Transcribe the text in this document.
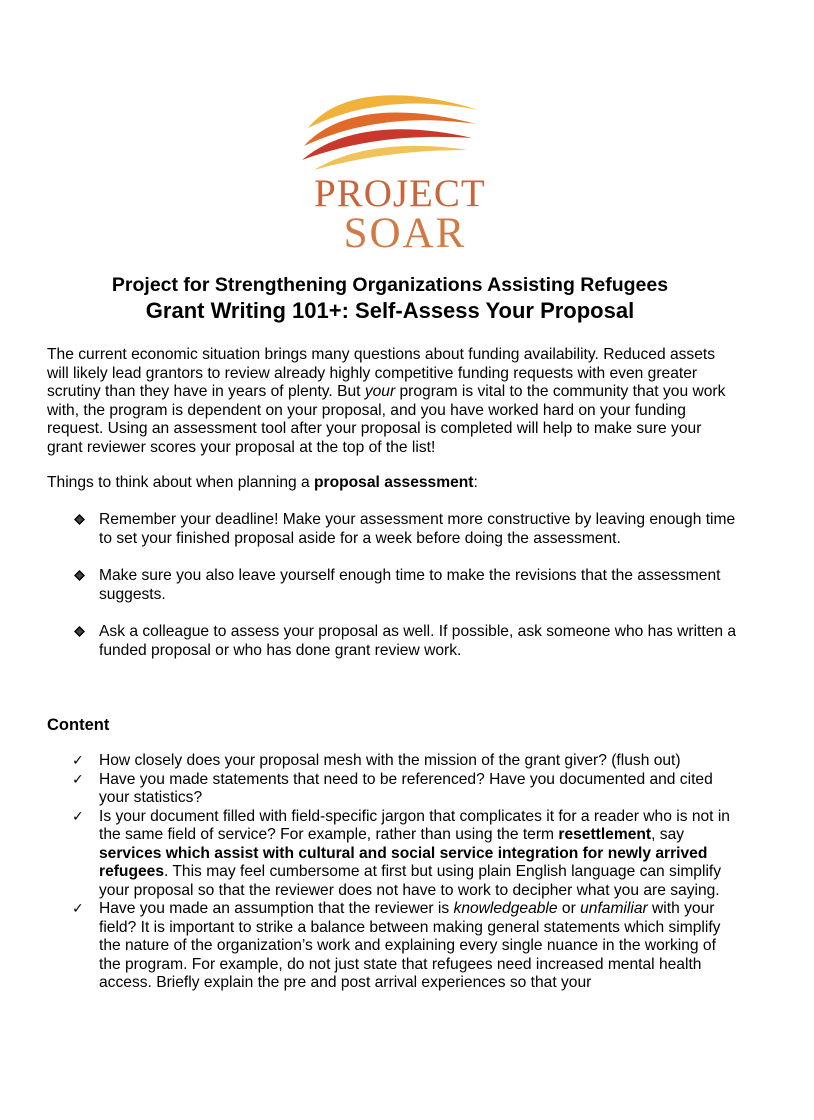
PROJECT
SOAR
Project for Strengthening Organizations Assisting Refugees
Grant Writing 101+: Self-Assess Your Proposal
The current economic situation brings many questions about funding availability. Reduced assets will likely lead grantors to review already highly competitive funding requests with even greater scrutiny than they have in years of plenty. But your program is vital to the community that you work with, the program is dependent on your proposal, and you have worked hard on your funding request. Using an assessment tool after your proposal is completed will help to make sure your grant reviewer scores your proposal at the top of the list!
Things to think about when planning a proposal assessment:
Remember your deadline! Make your assessment more constructive by leaving enough time to set your finished proposal aside for a week before doing the assessment.
Make sure you also leave yourself enough time to make the revisions that the assessment suggests.
Ask a colleague to assess your proposal as well. If possible, ask someone who has written a funded proposal or who has done grant review work.
Content
✓ How closely does your proposal mesh with the mission of the grant giver? (flush out)
✓ Have you made statements that need to be referenced? Have you documented and cited your statistics?
✓ Is your document filled with field-specific jargon that complicates it for a reader who is not in the same field of service? For example, rather than using the term resettlement, say services which assist with cultural and social service integration for newly arrived refugees. This may feel cumbersome at first but using plain English language can simplify your proposal so that the reviewer does not have to work to decipher what you are saying.
✓ Have you made an assumption that the reviewer is knowledgeable or unfamiliar with your field? It is important to strike a balance between making general statements which simplify the nature of the organization’s work and explaining every single nuance in the working of the program. For example, do not just state that refugees need increased mental health access. Briefly explain the pre and post arrival experiences so that your
